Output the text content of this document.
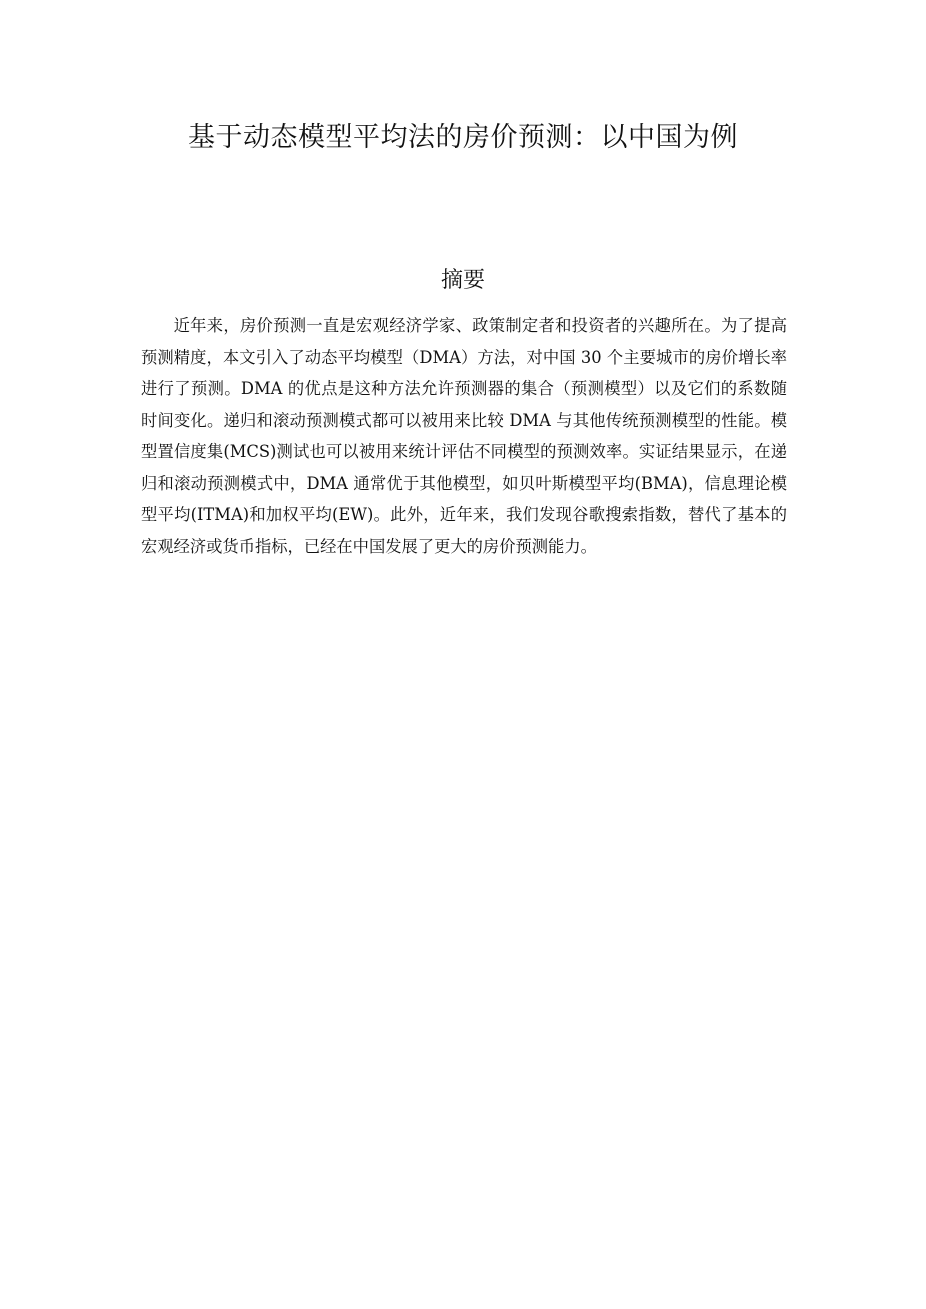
基于动态模型平均法的房价预测：以中国为例
摘要

近年来，房价预测一直是宏观经济学家、政策制定者和投资者的兴趣所在。为了提高预测精度，本文引入了动态平均模型（DMA）方法，对中国 30 个主要城市的房价增长率进行了预测。DMA 的优点是这种方法允许预测器的集合（预测模型）以及它们的系数随时间变化。递归和滚动预测模式都可以被用来比较 DMA 与其他传统预测模型的性能。模型置信度集(MCS)测试也可以被用来统计评估不同模型的预测效率。实证结果显示，在递归和滚动预测模式中，DMA 通常优于其他模型，如贝叶斯模型平均(BMA)，信息理论模型平均(ITMA)和加权平均(EW)。此外，近年来，我们发现谷歌搜索指数，替代了基本的宏观经济或货币指标，已经在中国发展了更大的房价预测能力。
